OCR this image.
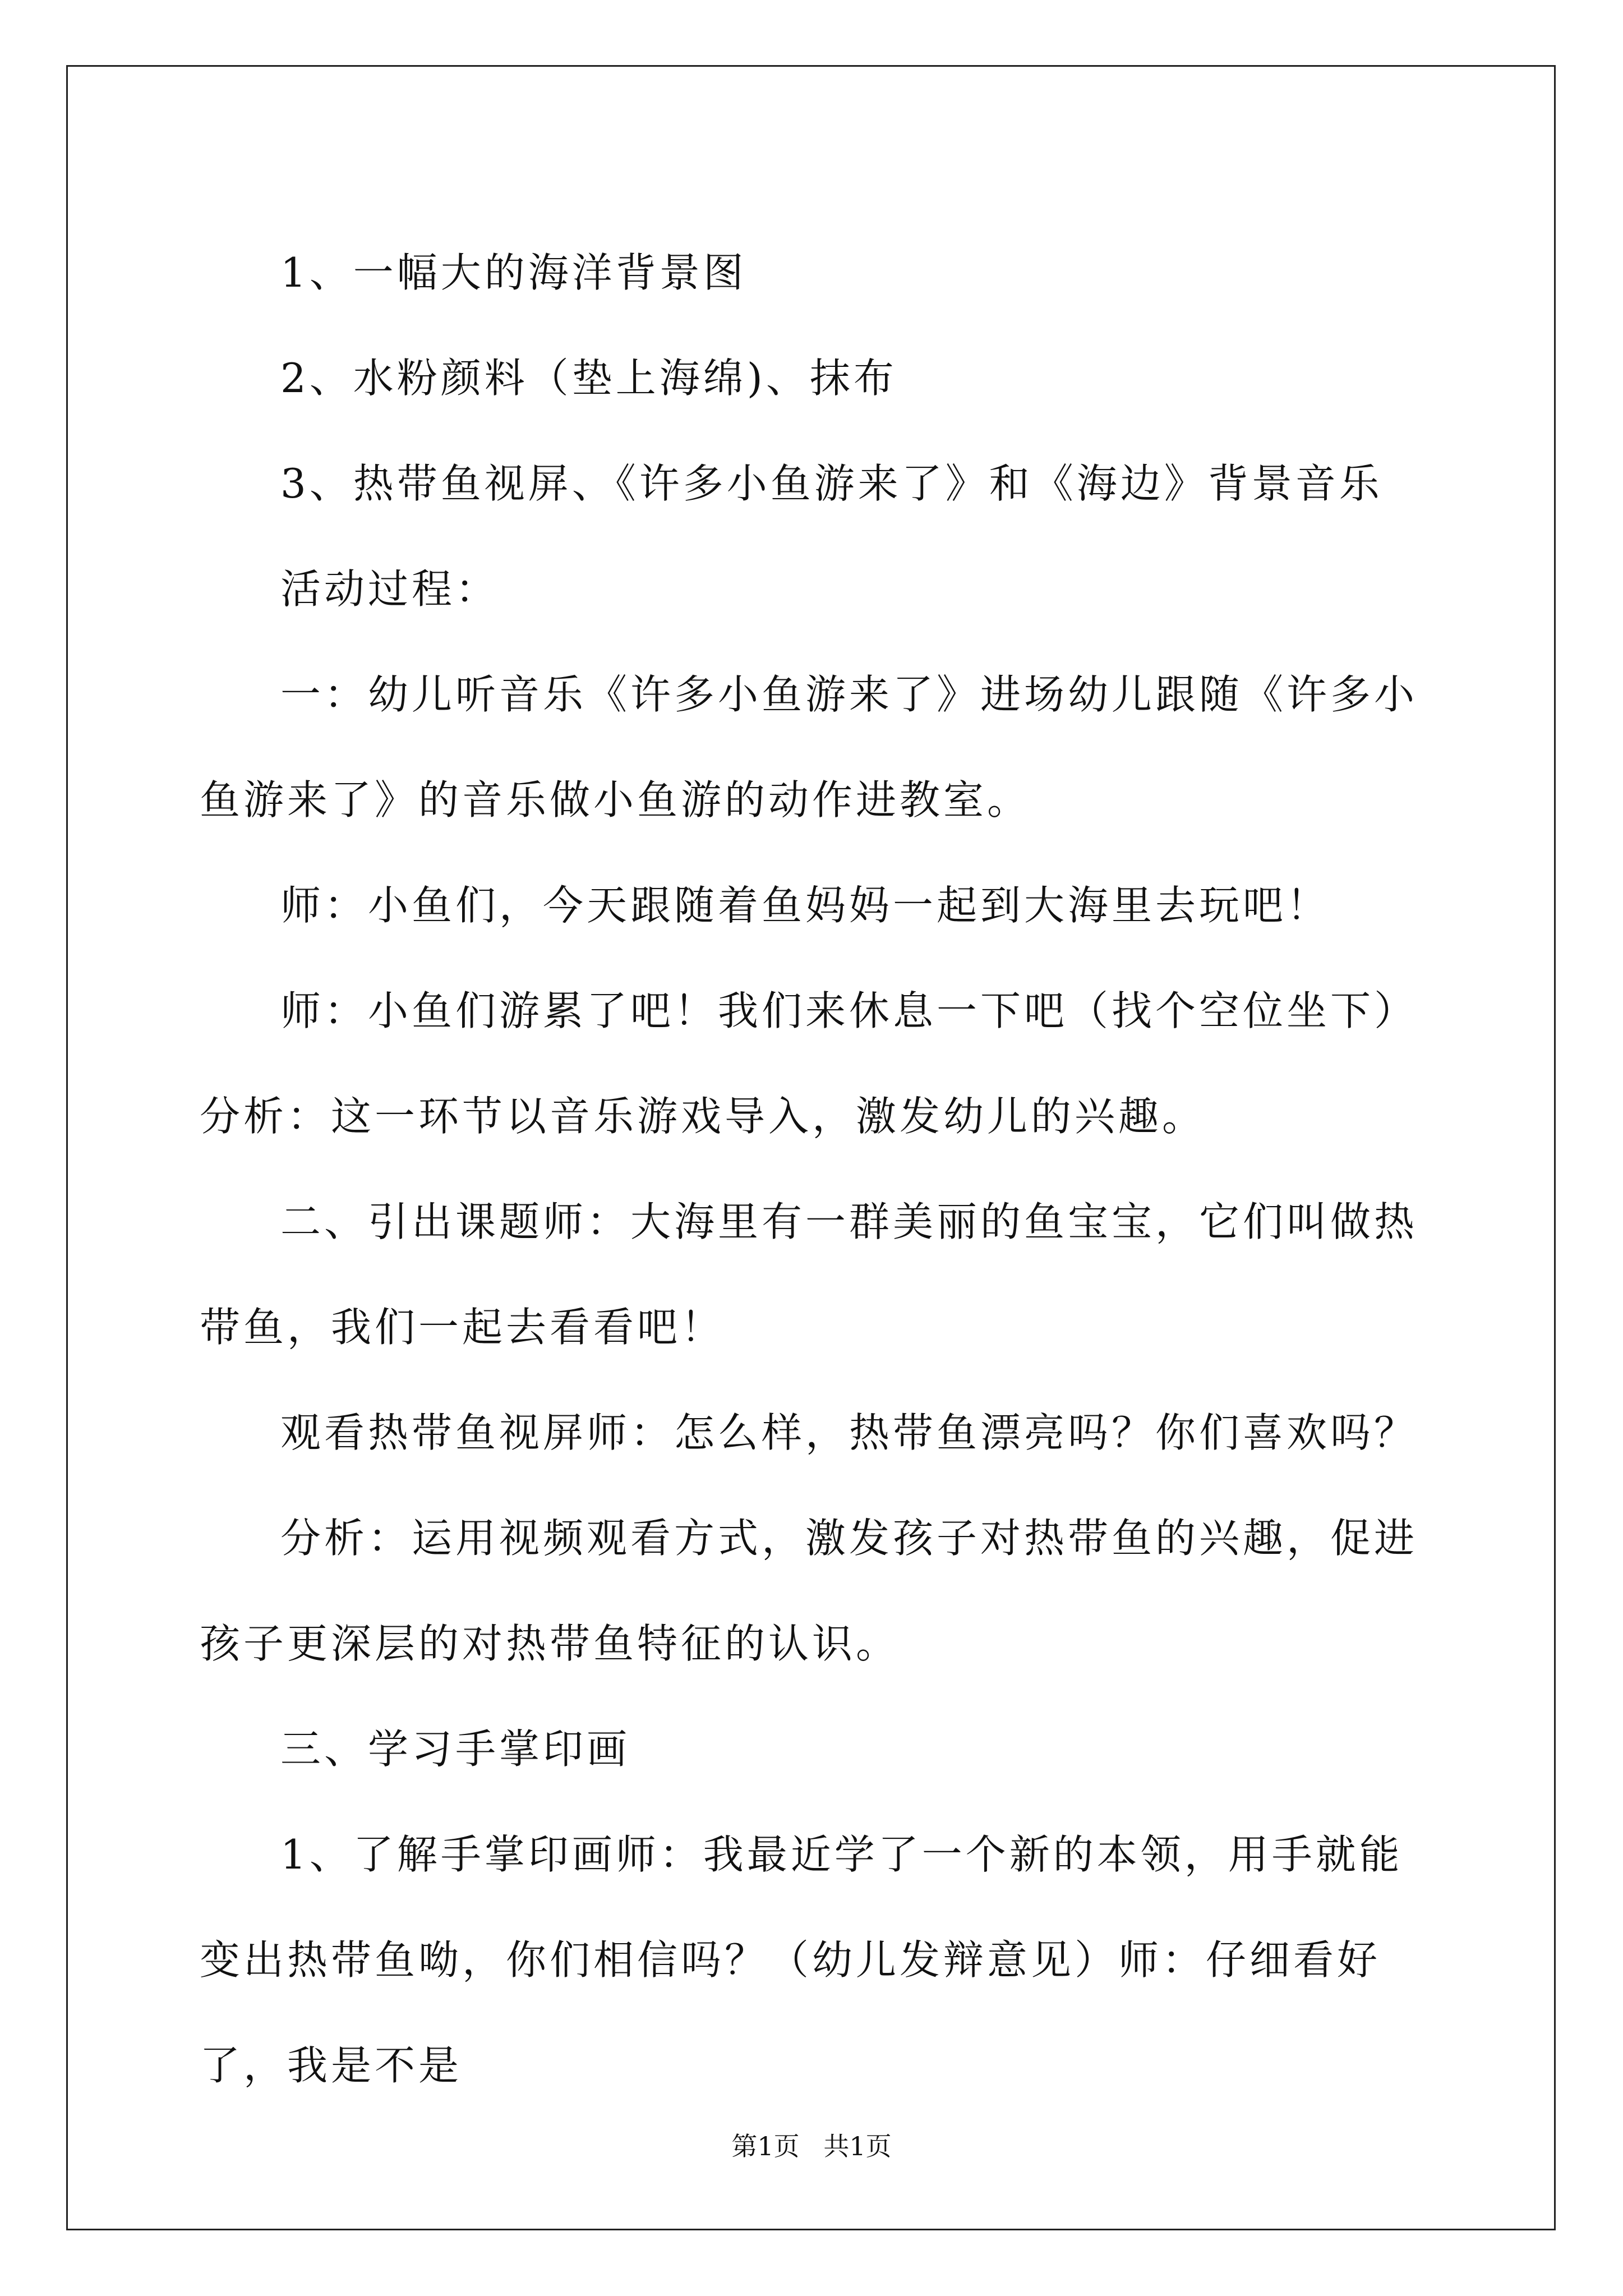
1、一幅大的海洋背景图

2、水粉颜料（垫上海绵)、抹布

3、热带鱼视屏、《许多小鱼游来了》和《海边》背景音乐

活动过程：

一：幼儿听音乐《许多小鱼游来了》进场幼儿跟随《许多小鱼游来了》的音乐做小鱼游的动作进教室。

师：小鱼们，今天跟随着鱼妈妈一起到大海里去玩吧！

师：小鱼们游累了吧！我们来休息一下吧（找个空位坐下）分析：这一环节以音乐游戏导入，激发幼儿的兴趣。

二、引出课题师：大海里有一群美丽的鱼宝宝，它们叫做热带鱼，我们一起去看看吧！

观看热带鱼视屏师：怎么样，热带鱼漂亮吗？你们喜欢吗？

分析：运用视频观看方式，激发孩子对热带鱼的兴趣，促进孩子更深层的对热带鱼特征的认识。

三、学习手掌印画

1、了解手掌印画师：我最近学了一个新的本领，用手就能变出热带鱼呦，你们相信吗？（幼儿发辩意见）师：仔细看好了，我是不是

第1页 共1页
